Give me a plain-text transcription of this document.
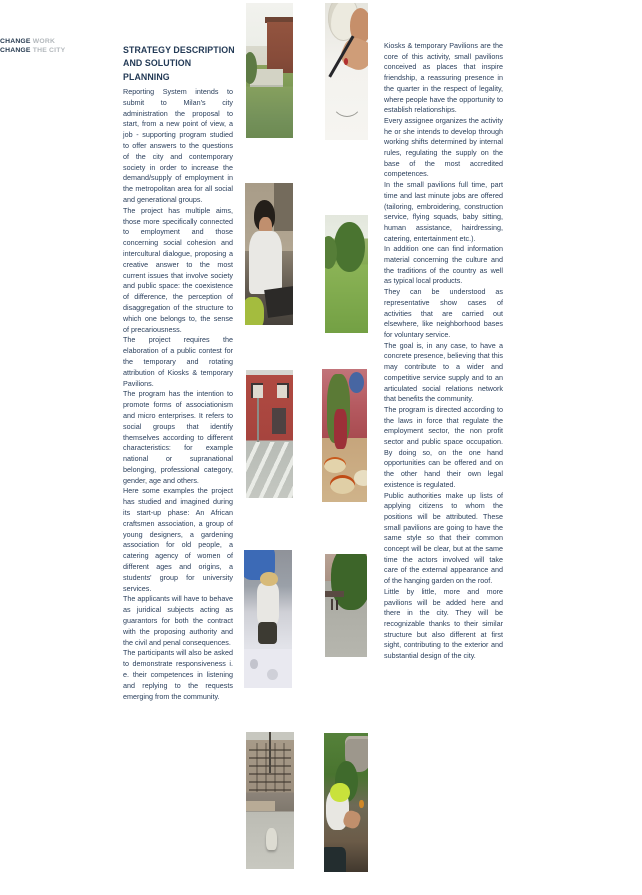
CHANGE WORK
CHANGE THE CITY	STRATEGY DESCRIPTION
AND SOLUTION
PLANNING

Reporting System intends to submit to Milan's city administration the proposal to start, from a new point of view, a job - supporting program studied to offer answers to the questions of the city and contemporary society in order to increase the demand/supply of employment in the metropolitan area for all social and generational groups.

The project has multiple aims, those more specifically connected to employment and those concerning social cohesion and intercultural dialogue, proposing a creative answer to the most current issues that involve society and public space: the coexistence of difference, the perception of disaggregation of the structure to which one belongs to, the sense of precariousness.

The project requires the elaboration of a public contest for the temporary and rotating attribution of Kiosks & temporary Pavilions.

The program has the intention to promote forms of associationism and micro enterprises. It refers to social groups that identify themselves according to different characteristics: for example national or supranational belonging, professional category, gender, age and others.

Here some examples the project has studied and imagined during its start-up phase: An African craftsmen association, a group of young designers, a gardening association for old people, a catering agency of women of different ages and origins, a students' group for university services.

The applicants will have to behave as juridical subjects acting as guarantors for both the contract with the proposing authority and the civil and penal consequences.

The participants will also be asked to demonstrate responsiveness i. e. their competences in listening and replying to the requests emerging from the community.

Kiosks & temporary Pavilions are the core of this activity, small pavilions conceived as places that inspire friendship, a reassuring presence in the quarter in the respect of legality, where people have the opportunity to establish relationships.

Every assignee organizes the activity he or she intends to develop through working shifts determined by internal rules, regulating the supply on the base of the most accredited competences.

In the small pavilions full time, part time and last minute jobs are offered (tailoring, embroidering, construction service, flying squads, baby sitting, human assistance, hairdressing, catering, entertainment etc.).

In addition one can find information material concerning the culture and the traditions of the country as well as typical local products.

They can be understood as representative show cases of activities that are carried out elsewhere, like neighborhood bases for voluntary service.

The goal is, in any case, to have a concrete presence, believing that this may contribute to a wider and competitive service supply and to an articulated social relations network that benefits the community.

The program is directed according to the laws in force that regulate the employment sector, the non profit sector and public space occupation. By doing so, on the one hand opportunities can be offered and on the other hand their own legal existence is regulated.

Public authorities make up lists of applying citizens to whom the positions will be attributed. These small pavilions are going to have the same style so that their common concept will be clear, but at the same time the actors involved will take care of the external appearance and of the hanging garden on the roof.

Little by little, more and more pavilions will be added here and there in the city. They will be recognizable thanks to their similar structure but also different at first sight, contributing to the exterior and substantial design of the city.
